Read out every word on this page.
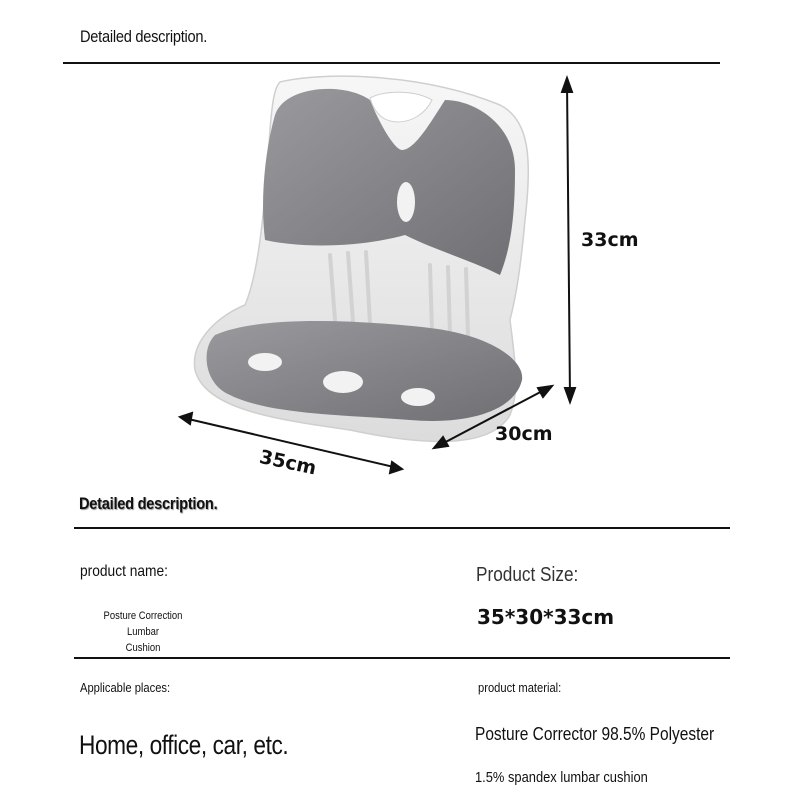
Detailed description.
33cm
30cm
35cm
Detailed description.
product name:
Posture Correction Lumbar
Cushion
Product Size:
35*30*33cm
Applicable places:
Home, office, car, etc.
product material:
Posture Corrector 98.5% Polyester
1.5% spandex lumbar cushion
